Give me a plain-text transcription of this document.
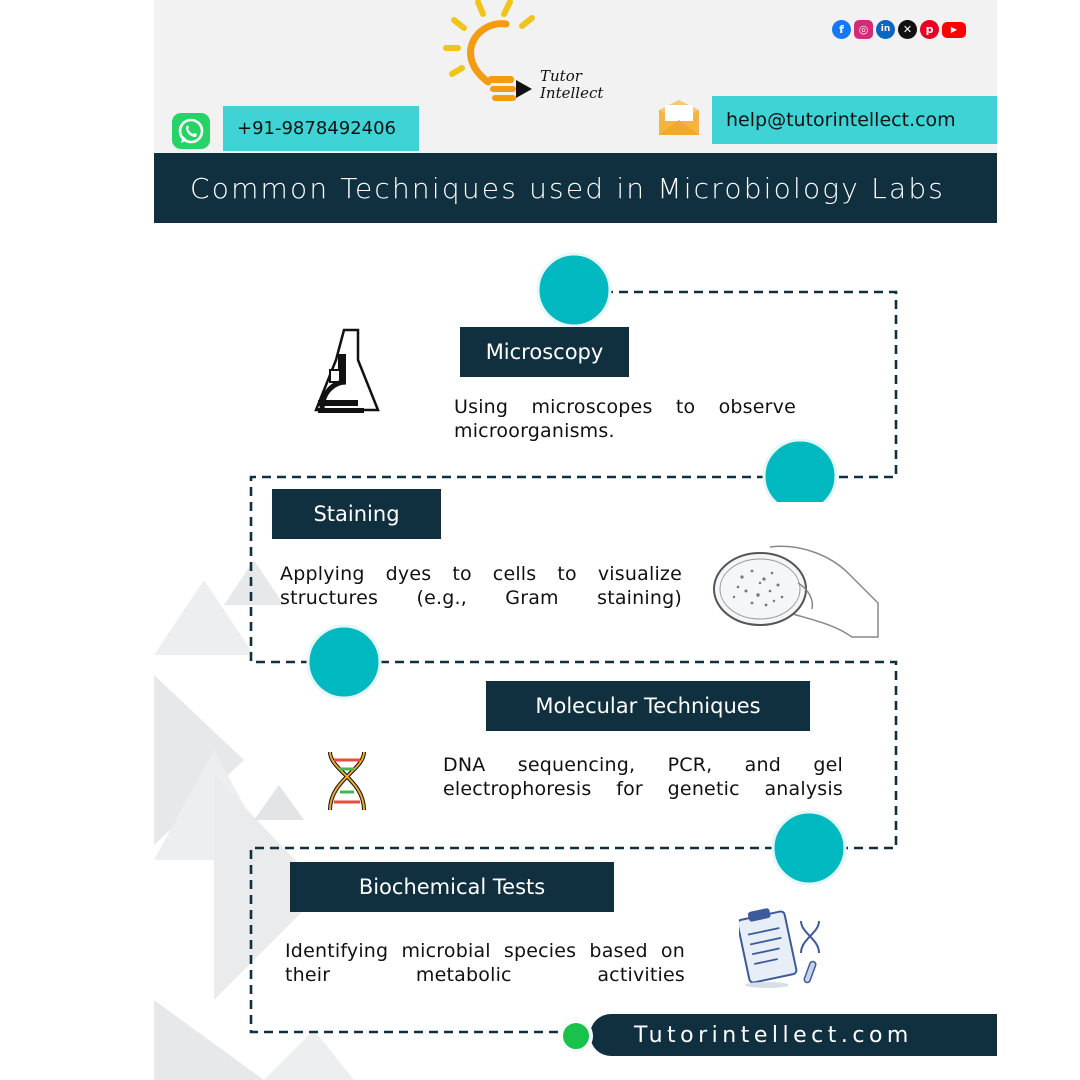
Tutor
Intellect
f	◎	in	✕	p	▶
+91-9878492406	help@tutorintellect.com
Common Techniques used in Microbiology Labs
Microscopy
Using microscopes to observe microorganisms.
Staining
Applying dyes to cells to visualize structures (e.g., Gram staining)
Molecular Techniques
DNA sequencing, PCR, and gel electrophoresis for genetic analysis
Biochemical Tests
Identifying microbial species based on their metabolic activities
Tutorintellect.com
